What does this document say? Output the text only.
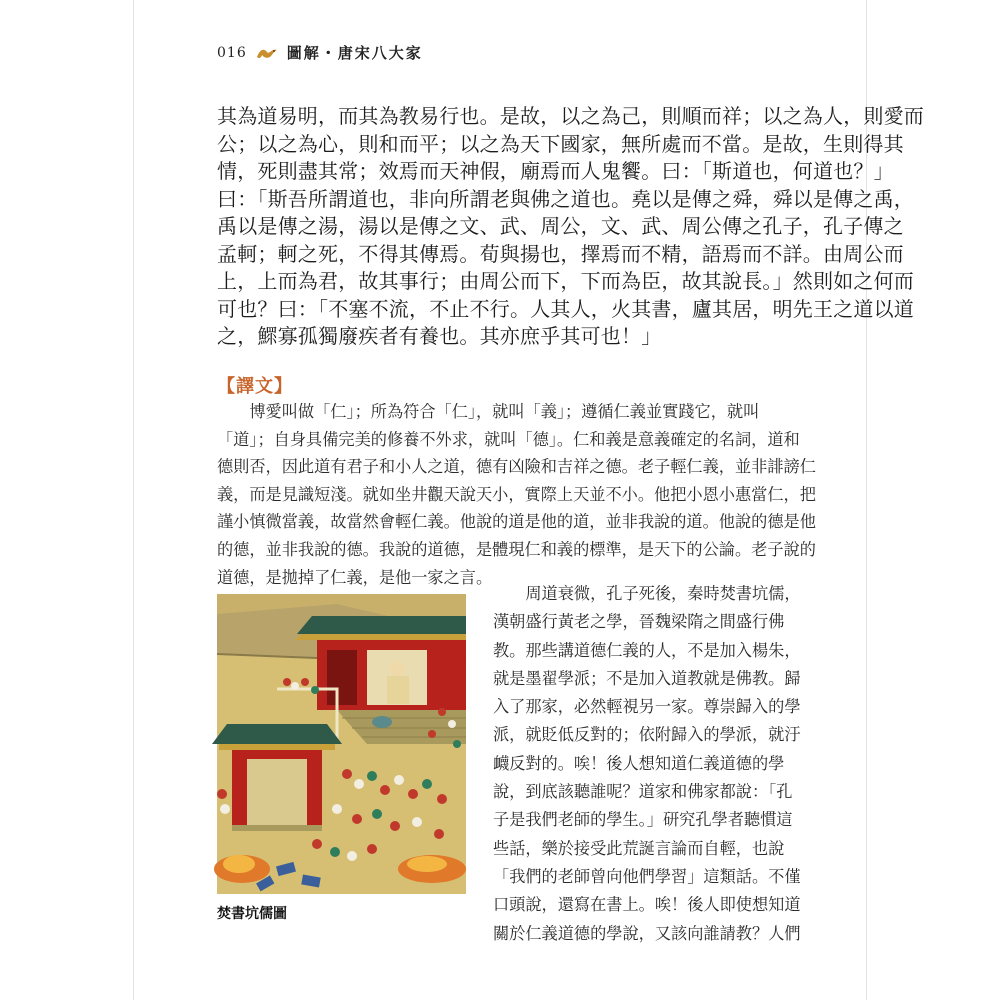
016	圖解・唐宋八大家
其為道易明，而其為教易行也。是故，以之為己，則順而祥；以之為人，則愛而
公；以之為心，則和而平；以之為天下國家，無所處而不當。是故，生則得其
情，死則盡其常；效焉而天神假，廟焉而人鬼饗。曰：「斯道也，何道也？」
曰：「斯吾所謂道也，非向所謂老與佛之道也。堯以是傳之舜，舜以是傳之禹，
禹以是傳之湯，湯以是傳之文、武、周公，文、武、周公傳之孔子，孔子傳之
孟軻；軻之死，不得其傳焉。荀與揚也，擇焉而不精，語焉而不詳。由周公而
上，上而為君，故其事行；由周公而下，下而為臣，故其說長。」然則如之何而
可也？曰：「不塞不流，不止不行。人其人，火其書，廬其居，明先王之道以道
之，鰥寡孤獨廢疾者有養也。其亦庶乎其可也！」
【譯文】
　　博愛叫做「仁」；所為符合「仁」，就叫「義」；遵循仁義並實踐它，就叫
「道」；自身具備完美的修養不外求，就叫「德」。仁和義是意義確定的名詞，道和
德則否，因此道有君子和小人之道，德有凶險和吉祥之德。老子輕仁義，並非誹謗仁
義，而是見識短淺。就如坐井觀天說天小，實際上天並不小。他把小恩小惠當仁，把
謹小慎微當義，故當然會輕仁義。他說的道是他的道，並非我說的道。他說的德是他
的德，並非我說的德。我說的道德，是體現仁和義的標準，是天下的公論。老子說的
道德，是拋掉了仁義，是他一家之言。
焚書坑儒圖
　　周道衰微，孔子死後，秦時焚書坑儒，
漢朝盛行黃老之學，晉魏梁隋之間盛行佛
教。那些講道德仁義的人，不是加入楊朱，
就是墨翟學派；不是加入道教就是佛教。歸
入了那家，必然輕視另一家。尊崇歸入的學
派，就貶低反對的；依附歸入的學派，就汙
衊反對的。唉！後人想知道仁義道德的學
說，到底該聽誰呢？道家和佛家都說：「孔
子是我們老師的學生。」研究孔學者聽慣這
些話，樂於接受此荒誕言論而自輕，也說
「我們的老師曾向他們學習」這類話。不僅
口頭說，還寫在書上。唉！後人即使想知道
關於仁義道德的學說，又該向誰請教？人們
